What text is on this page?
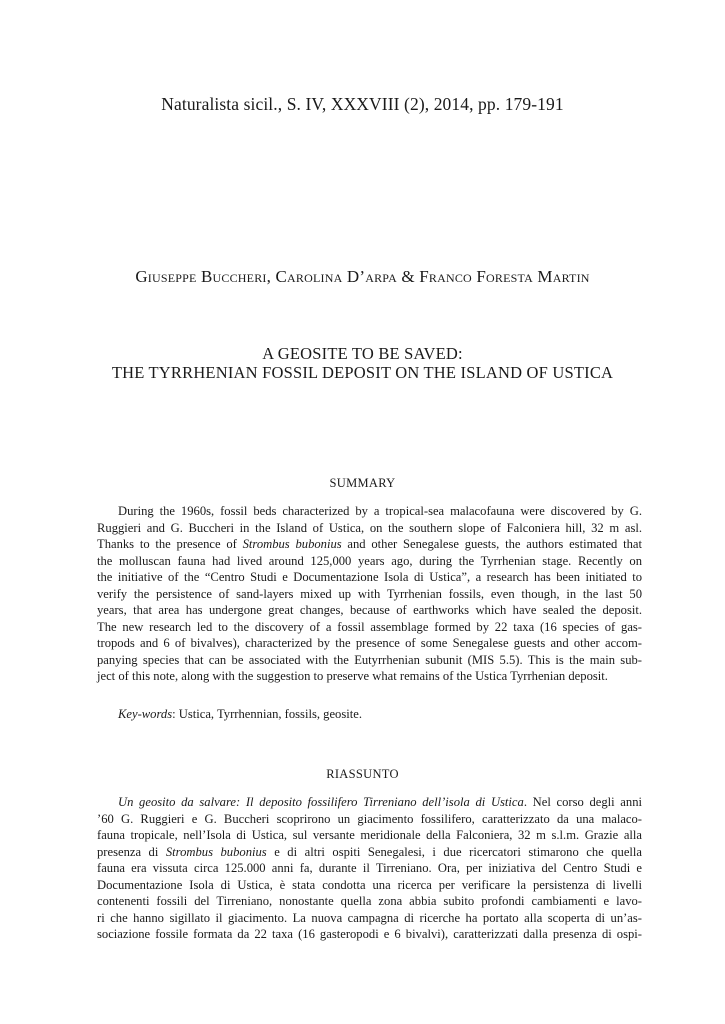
Naturalista sicil., S. IV, XXXVIII (2), 2014, pp. 179-191

Giuseppe Buccheri, Carolina D’arpa & Franco Foresta Martin

A GEOSITE TO BE SAVED:
THE TYRRHENIAN FOSSIL DEPOSIT ON THE ISLAND OF USTICA
SUMMARY
During the 1960s, fossil beds characterized by a tropical-sea malacofauna were discovered by G.
Ruggieri and G. Buccheri in the Island of Ustica, on the southern slope of Falconiera hill, 32 m asl.
Thanks to the presence of Strombus bubonius and other Senegalese guests, the authors estimated that
the molluscan fauna had lived around 125,000 years ago, during the Tyrrhenian stage. Recently on
the initiative of the “Centro Studi e Documentazione Isola di Ustica”, a research has been initiated to
verify the persistence of sand-layers mixed up with Tyrrhenian fossils, even though, in the last 50
years, that area has undergone great changes, because of earthworks which have sealed the deposit.
The new research led to the discovery of a fossil assemblage formed by 22 taxa (16 species of gas-
tropods and 6 of bivalves), characterized by the presence of some Senegalese guests and other accom-
panying species that can be associated with the Eutyrrhenian subunit (MIS 5.5). This is the main sub-
ject of this note, along with the suggestion to preserve what remains of the Ustica Tyrrhenian deposit.

Key-words: Ustica, Tyrrhennian, fossils, geosite.

RIASSUNTO
Un geosito da salvare: Il deposito fossilifero Tirreniano dell’isola di Ustica. Nel corso degli anni
’60 G. Ruggieri e G. Buccheri scoprirono un giacimento fossilifero, caratterizzato da una malaco-
fauna tropicale, nell’Isola di Ustica, sul versante meridionale della Falconiera, 32 m s.l.m. Grazie alla
presenza di Strombus bubonius e di altri ospiti Senegalesi, i due ricercatori stimarono che quella
fauna era vissuta circa 125.000 anni fa, durante il Tirreniano. Ora, per iniziativa del Centro Studi e
Documentazione Isola di Ustica, è stata condotta una ricerca per verificare la persistenza di livelli
contenenti fossili del Tirreniano, nonostante quella zona abbia subito profondi cambiamenti e lavo-
ri che hanno sigillato il giacimento. La nuova campagna di ricerche ha portato alla scoperta di un’as-
sociazione fossile formata da 22 taxa (16 gasteropodi e 6 bivalvi), caratterizzati dalla presenza di ospi-
